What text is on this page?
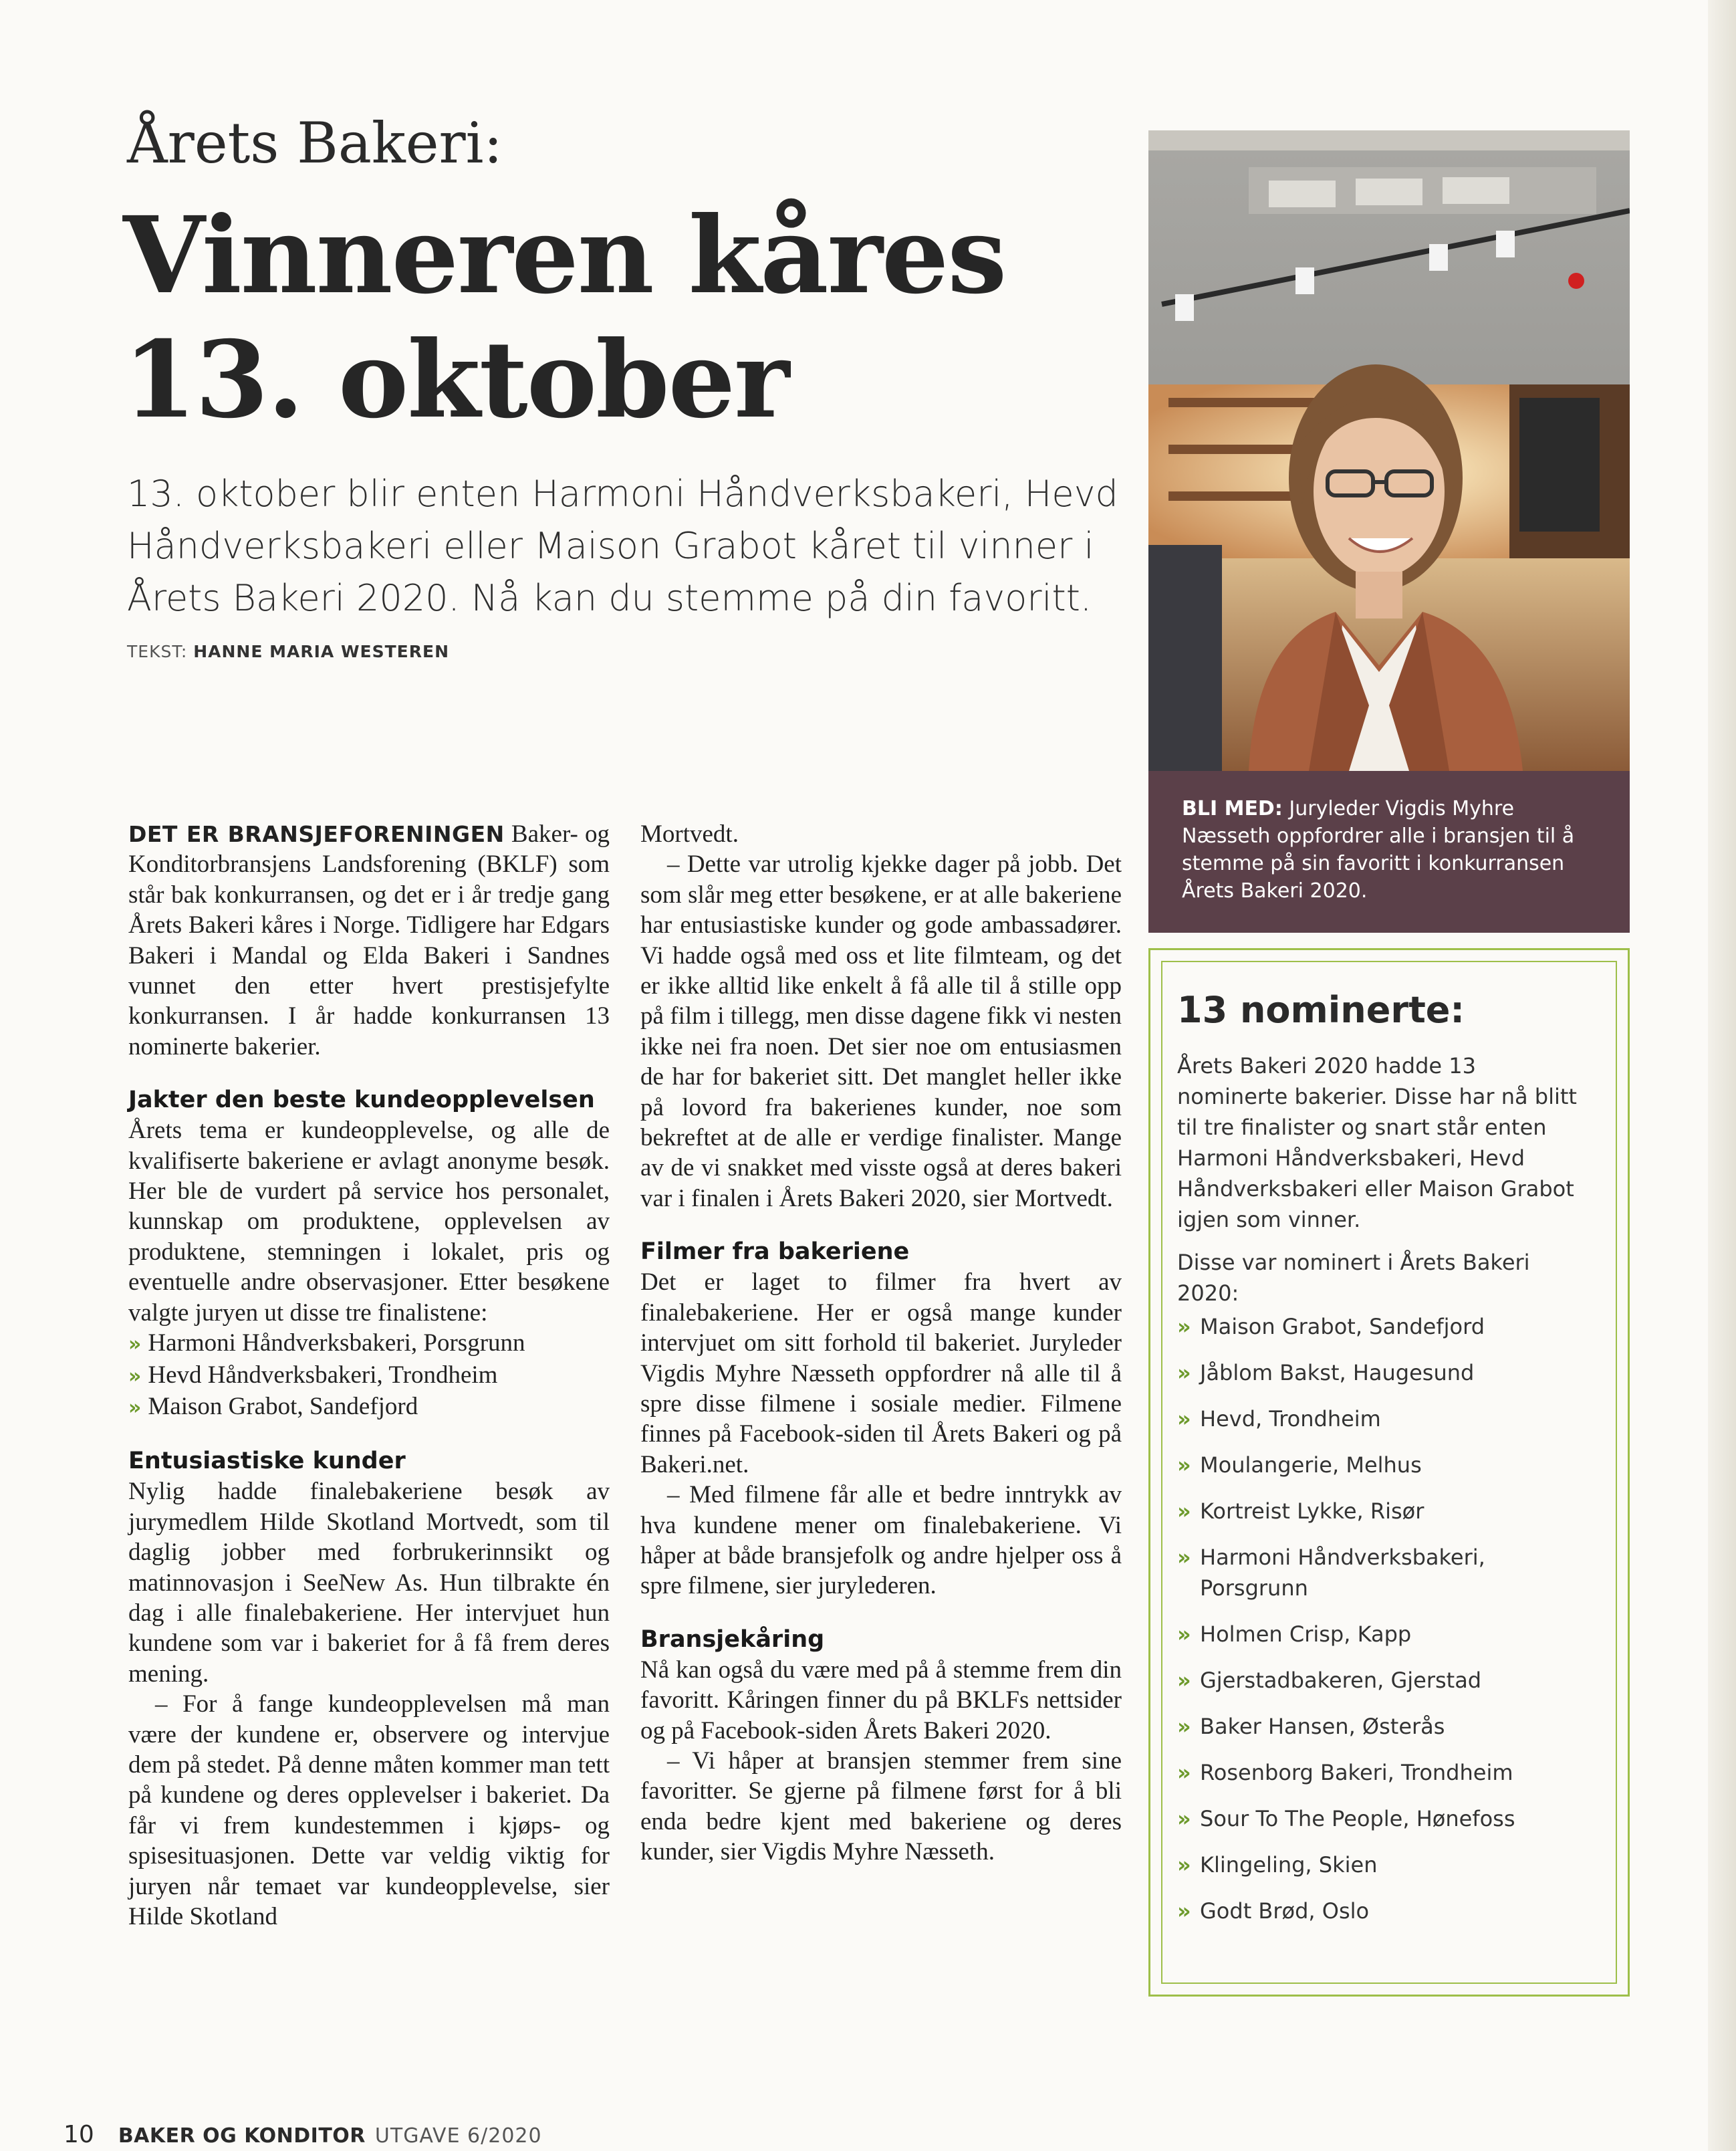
Årets Bakeri:
Vinneren kåres 13. oktober
13. oktober blir enten Harmoni Håndverksbakeri, Hevd Håndverksbakeri eller Maison Grabot kåret til vinner i Årets Bakeri 2020. Nå kan du stemme på din favoritt.
TEKST: HANNE MARIA WESTEREN

DET ER BRANSJEFORENINGEN Baker- og Konditorbransjens Landsforening (BKLF) som står bak konkurransen, og det er i år tredje gang Årets Bakeri kåres i Norge. Tidligere har Edgars Bakeri i Mandal og Elda Bakeri i Sandnes vunnet den etter hvert prestisjefylte konkurransen. I år hadde konkurransen 13 nominerte bakerier.

Jakter den beste kundeopplevelsen

Årets tema er kundeopplevelse, og alle de kvalifiserte bakeriene er avlagt anonyme besøk. Her ble de vurdert på service hos personalet, kunnskap om produktene, opplevelsen av produktene, stemningen i lokalet, pris og eventuelle andre observasjoner. Etter besøkene valgte juryen ut disse tre finalistene:

» Harmoni Håndverksbakeri, Porsgrunn
» Hevd Håndverksbakeri, Trondheim
» Maison Grabot, Sandefjord
Entusiastiske kunder

Nylig hadde finalebakeriene besøk av jurymedlem Hilde Skotland Mortvedt, som til daglig jobber med forbrukerinnsikt og matinnovasjon i SeeNew As. Hun tilbrakte én dag i alle finalebakeriene. Her intervjuet hun kundene som var i bakeriet for å få frem deres mening.

– For å fange kundeopplevelsen må man være der kundene er, observere og intervjue dem på stedet. På denne måten kommer man tett på kundene og deres opplevelser i bakeriet. Da får vi frem kundestemmen i kjøps- og spisesituasjonen. Dette var veldig viktig for juryen når temaet var kundeopplevelse, sier Hilde Skotland

Mortvedt.

– Dette var utrolig kjekke dager på jobb. Det som slår meg etter besøkene, er at alle bakeriene har entusiastiske kunder og gode ambassadører. Vi hadde også med oss et lite filmteam, og det er ikke alltid like enkelt å få alle til å stille opp på film i tillegg, men disse dagene fikk vi nesten ikke nei fra noen. Det sier noe om entusiasmen de har for bakeriet sitt. Det manglet heller ikke på lovord fra bakerienes kunder, noe som bekreftet at de alle er verdige finalister. Mange av de vi snakket med visste også at deres bakeri var i finalen i Årets Bakeri 2020, sier Mortvedt.

Filmer fra bakeriene

Det er laget to filmer fra hvert av finalebakeriene. Her er også mange kunder intervjuet om sitt forhold til bakeriet. Juryleder Vigdis Myhre Næsseth oppfordrer nå alle til å spre disse filmene i sosiale medier. Filmene finnes på Facebook-siden til Årets Bakeri og på Bakeri.net.

– Med filmene får alle et bedre inntrykk av hva kundene mener om finalebakeriene. Vi håper at både bransjefolk og andre hjelper oss å spre filmene, sier jurylederen.

Bransjekåring

Nå kan også du være med på å stemme frem din favoritt. Kåringen finner du på BKLFs nettsider og på Facebook-siden Årets Bakeri 2020.

– Vi håper at bransjen stemmer frem sine favoritter. Se gjerne på filmene først for å bli enda bedre kjent med bakeriene og deres kunder, sier Vigdis Myhre Næsseth.

BLI MED: Juryleder Vigdis Myhre Næsseth oppfordrer alle i bransjen til å stemme på sin favoritt i konkurransen Årets Bakeri 2020.
13 nominerte:

Årets Bakeri 2020 hadde 13 nominerte bakerier. Disse har nå blitt til tre finalister og snart står enten Harmoni Håndverksbakeri, Hevd Håndverksbakeri eller Maison Grabot igjen som vinner.

Disse var nominert i Årets Bakeri 2020:

» Maison Grabot, Sandefjord
» Jåblom Bakst, Haugesund
» Hevd, Trondheim
» Moulangerie, Melhus
» Kortreist Lykke, Risør
» Harmoni Håndverksbakeri, Porsgrunn
» Holmen Crisp, Kapp
» Gjerstadbakeren, Gjerstad
» Baker Hansen, Østerås
» Rosenborg Bakeri, Trondheim
» Sour To The People, Hønefoss
» Klingeling, Skien
» Godt Brød, Oslo
10 BAKER OG KONDITOR UTGAVE 6/2020
